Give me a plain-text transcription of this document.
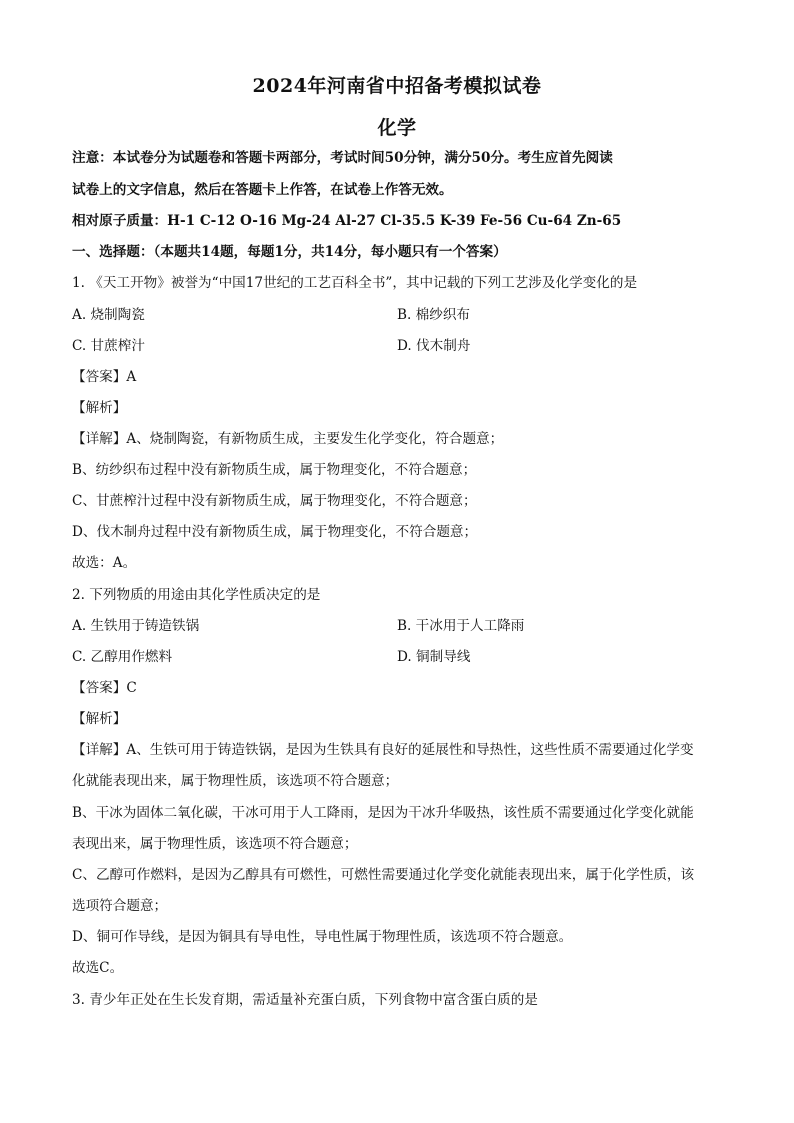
2024年河南省中招备考模拟试卷
化学
注意：本试卷分为试题卷和答题卡两部分，考试时间50分钟，满分50分。考生应首先阅读
试卷上的文字信息，然后在答题卡上作答，在试卷上作答无效。
相对原子质量：H-1 C-12 O-16 Mg-24 Al-27 Cl-35.5 K-39 Fe-56 Cu-64 Zn-65
一、选择题：（本题共14题，每题1分，共14分，每小题只有一个答案）
1. 《天工开物》被誉为“中国17世纪的工艺百科全书”，其中记载的下列工艺涉及化学变化的是
A. 烧制陶瓷	B. 棉纱织布
C. 甘蔗榨汁	D. 伐木制舟
【答案】A
【解析】
【详解】A、烧制陶瓷，有新物质生成，主要发生化学变化，符合题意；
B、纺纱织布过程中没有新物质生成，属于物理变化，不符合题意；
C、甘蔗榨汁过程中没有新物质生成，属于物理变化，不符合题意；
D、伐木制舟过程中没有新物质生成，属于物理变化，不符合题意；
故选：A。
2. 下列物质的用途由其化学性质决定的是
A. 生铁用于铸造铁锅	B. 干冰用于人工降雨
C. 乙醇用作燃料	D. 铜制导线
【答案】C
【解析】
【详解】A、生铁可用于铸造铁锅，是因为生铁具有良好的延展性和导热性，这些性质不需要通过化学变
化就能表现出来，属于物理性质，该选项不符合题意；
B、干冰为固体二氧化碳，干冰可用于人工降雨，是因为干冰升华吸热，该性质不需要通过化学变化就能
表现出来，属于物理性质，该选项不符合题意；
C、乙醇可作燃料，是因为乙醇具有可燃性，可燃性需要通过化学变化就能表现出来，属于化学性质，该
选项符合题意；
D、铜可作导线，是因为铜具有导电性，导电性属于物理性质，该选项不符合题意。
故选C。
3. 青少年正处在生长发育期，需适量补充蛋白质，下列食物中富含蛋白质的是
